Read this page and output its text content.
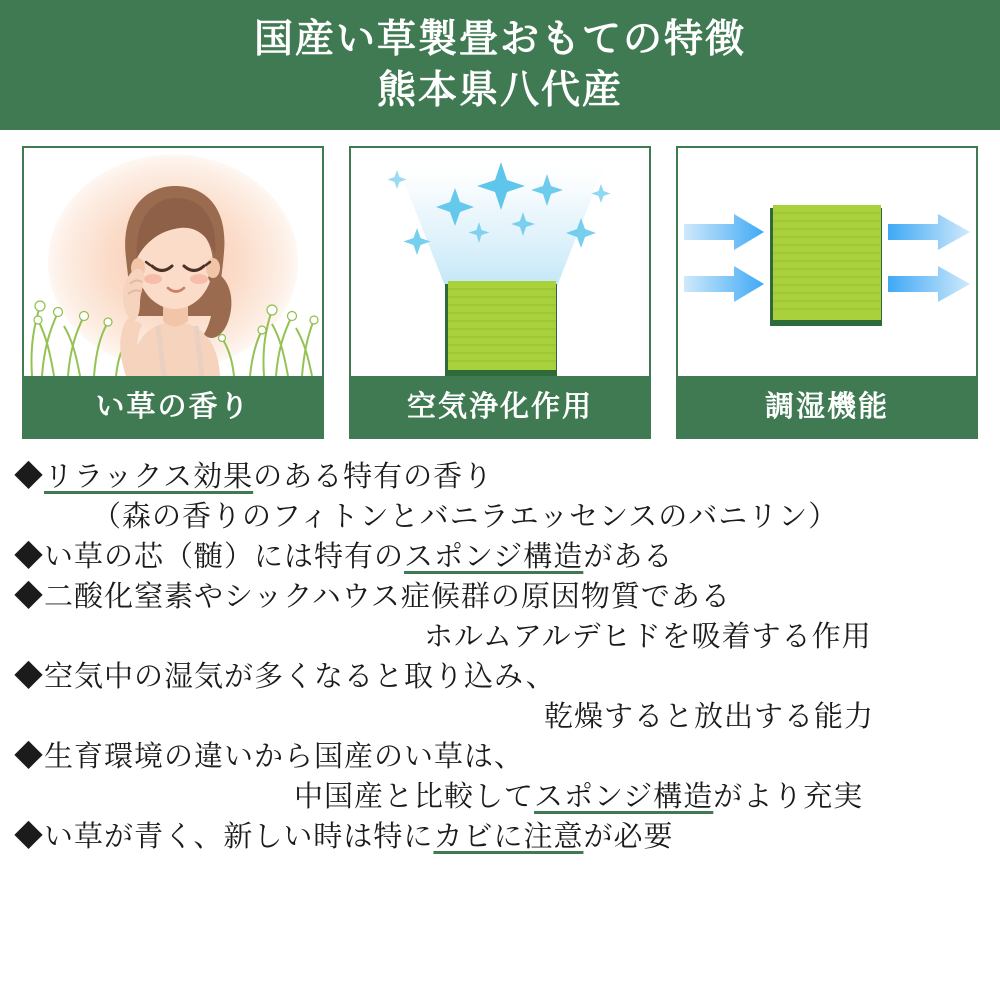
国産い草製畳おもての特徴
熊本県八代産
い草の香り	空気浄化作用	調湿機能
◆リラックス効果のある特有の香り
（森の香りのフィトンとバニラエッセンスのバニリン）
◆い草の芯（髄）には特有のスポンジ構造がある
◆二酸化窒素やシックハウス症候群の原因物質である
ホルムアルデヒドを吸着する作用
◆空気中の湿気が多くなると取り込み、
乾燥すると放出する能力
◆生育環境の違いから国産のい草は、
中国産と比較してスポンジ構造がより充実
◆い草が青く、新しい時は特にカビに注意が必要
